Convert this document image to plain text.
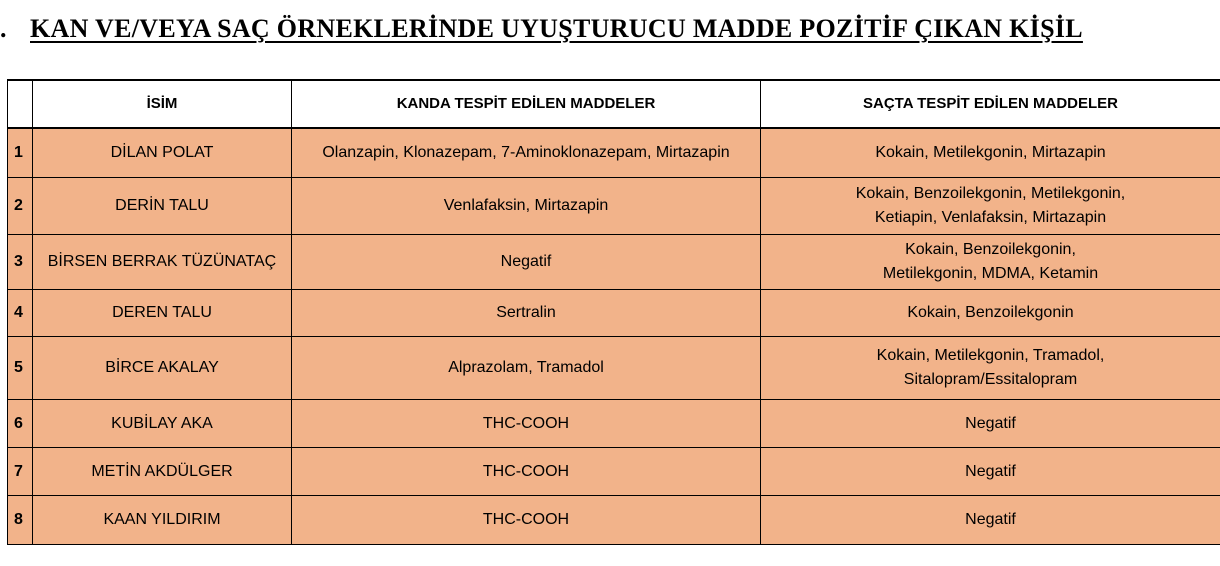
. KAN VE/VEYA SAÇ ÖRNEKLERİNDE UYUŞTURUCU MADDE POZİTİF ÇIKAN KİŞİL
	İSİM	KANDA TESPİT EDİLEN MADDELER	SAÇTA TESPİT EDİLEN MADDELER
1	DİLAN POLAT	Olanzapin, Klonazepam, 7-Aminoklonazepam, Mirtazapin	Kokain, Metilekgonin, Mirtazapin

2	DERİN TALU	Venlafaksin, Mirtazapin	Kokain, Benzoilekgonin, Metilekgonin,
Ketiapin, Venlafaksin, Mirtazapin

3	BİRSEN BERRAK TÜZÜNATAÇ	Negatif	Kokain, Benzoilekgonin,
Metilekgonin, MDMA, Ketamin

4	DEREN TALU	Sertralin	Kokain, Benzoilekgonin

5	BİRCE AKALAY	Alprazolam, Tramadol	Kokain, Metilekgonin, Tramadol,
Sitalopram/Essitalopram

6	KUBİLAY AKA	THC-COOH	Negatif

7	METİN AKDÜLGER	THC-COOH	Negatif

8	KAAN YILDIRIM	THC-COOH	Negatif
